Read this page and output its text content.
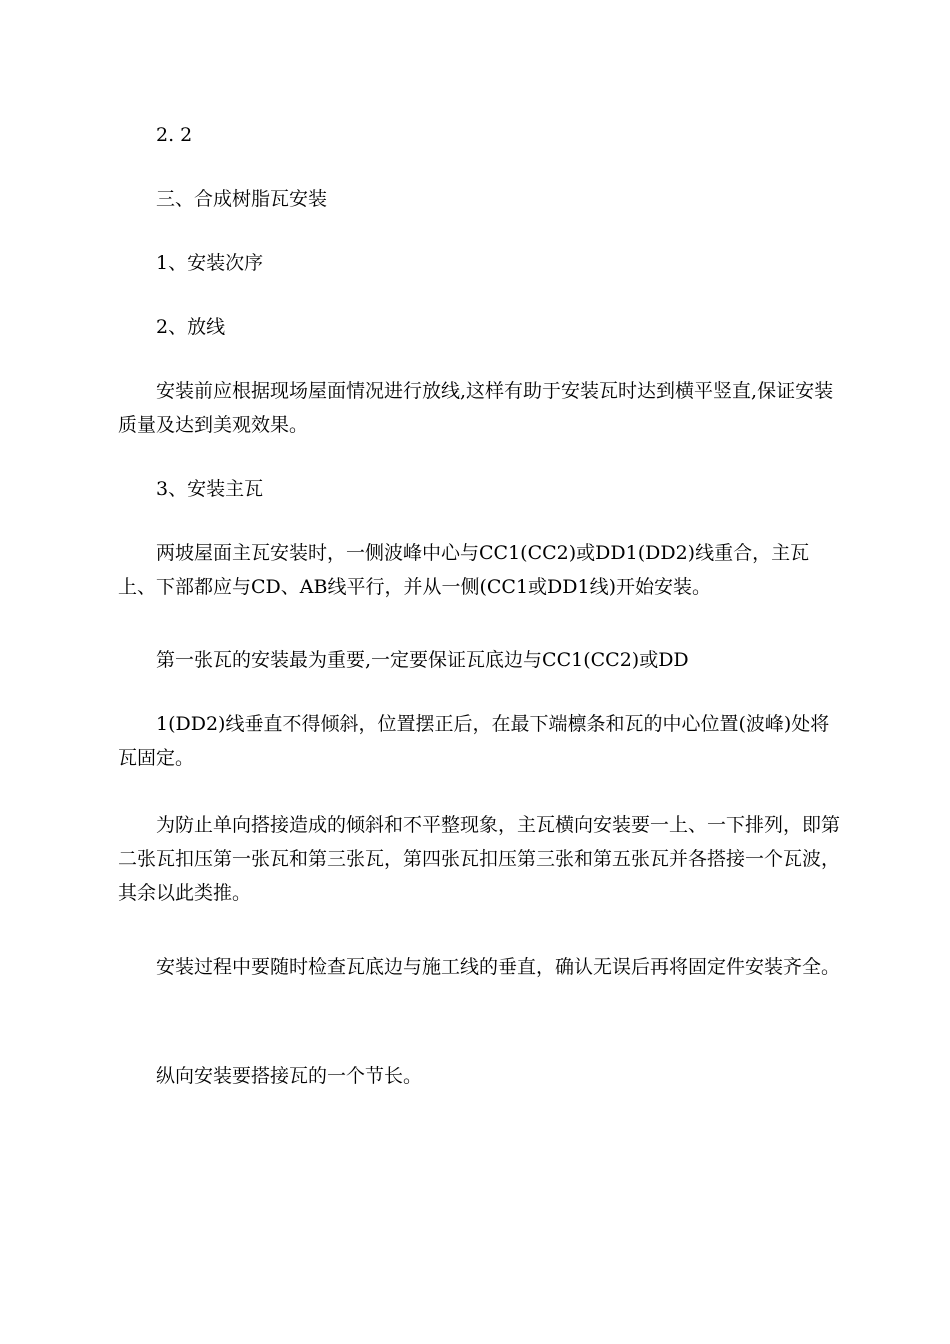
2. 2

三、合成树脂瓦安装

1、安装次序

2、放线

安装前应根据现场屋面情况进行放线,这样有助于安装瓦时达到横平竖直,保证安装质量及达到美观效果。

3、安装主瓦

两坡屋面主瓦安装时，一侧波峰中心与CC1(CC2)或DD1(DD2)线重合，主瓦上、下部都应与CD、AB线平行，并从一侧(CC1或DD1线)开始安装。

第一张瓦的安装最为重要,一定要保证瓦底边与CC1(CC2)或DD

1(DD2)线垂直不得倾斜，位置摆正后，在最下端檩条和瓦的中心位置(波峰)处将瓦固定。

为防止单向搭接造成的倾斜和不平整现象，主瓦横向安装要一上、一下排列，即第二张瓦扣压第一张瓦和第三张瓦，第四张瓦扣压第三张和第五张瓦并各搭接一个瓦波，其余以此类推。

安装过程中要随时检查瓦底边与施工线的垂直，确认无误后再将固定件安装齐全。

纵向安装要搭接瓦的一个节长。
